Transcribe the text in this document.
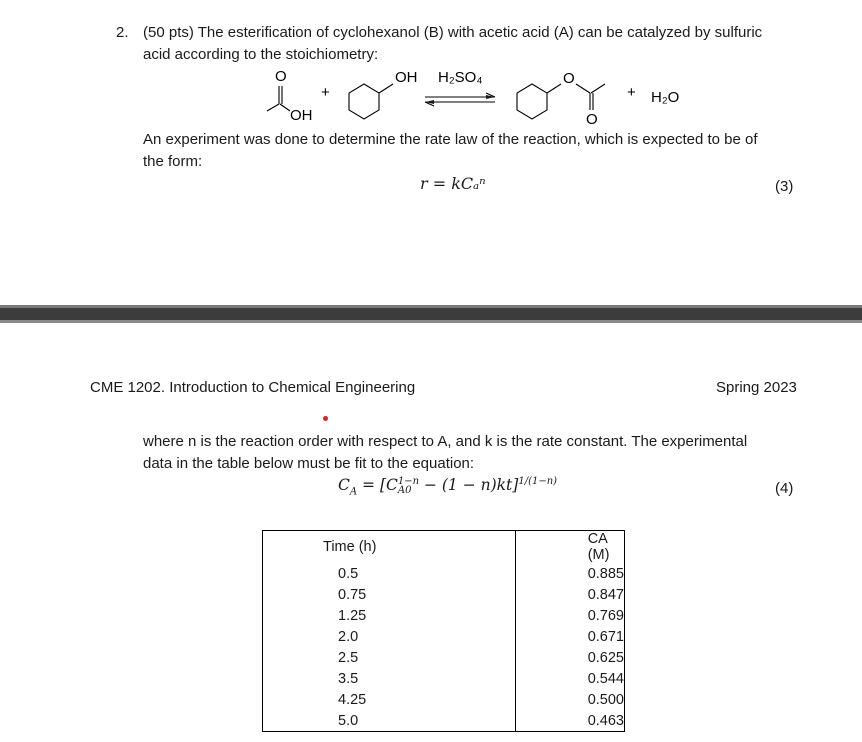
2. (50 pts) The esterification of cyclohexanol (B) with acetic acid (A) can be catalyzed by sulfuric
acid according to the stoichiometry:
O
OH
+
OH H₂SO₄	O
O
+ H₂O
An experiment was done to determine the rate law of the reaction, which is expected to be of
the form:
r = kCₐⁿ	(3)
CME 1202. Introduction to Chemical Engineering	Spring 2023
where n is the reaction order with respect to A, and k is the rate constant. The experimental
data in the table below must be fit to the equation:
$C_A = [C$ 1−n
A0 − (1 − n)kt]$^{1/(1-n)}$	(4)
Time (h)	CA (M)
0.5	0.885
0.75	0.847
1.25	0.769
2.0	0.671
2.5	0.625
3.5	0.544
4.25	0.500
5.0	0.463
